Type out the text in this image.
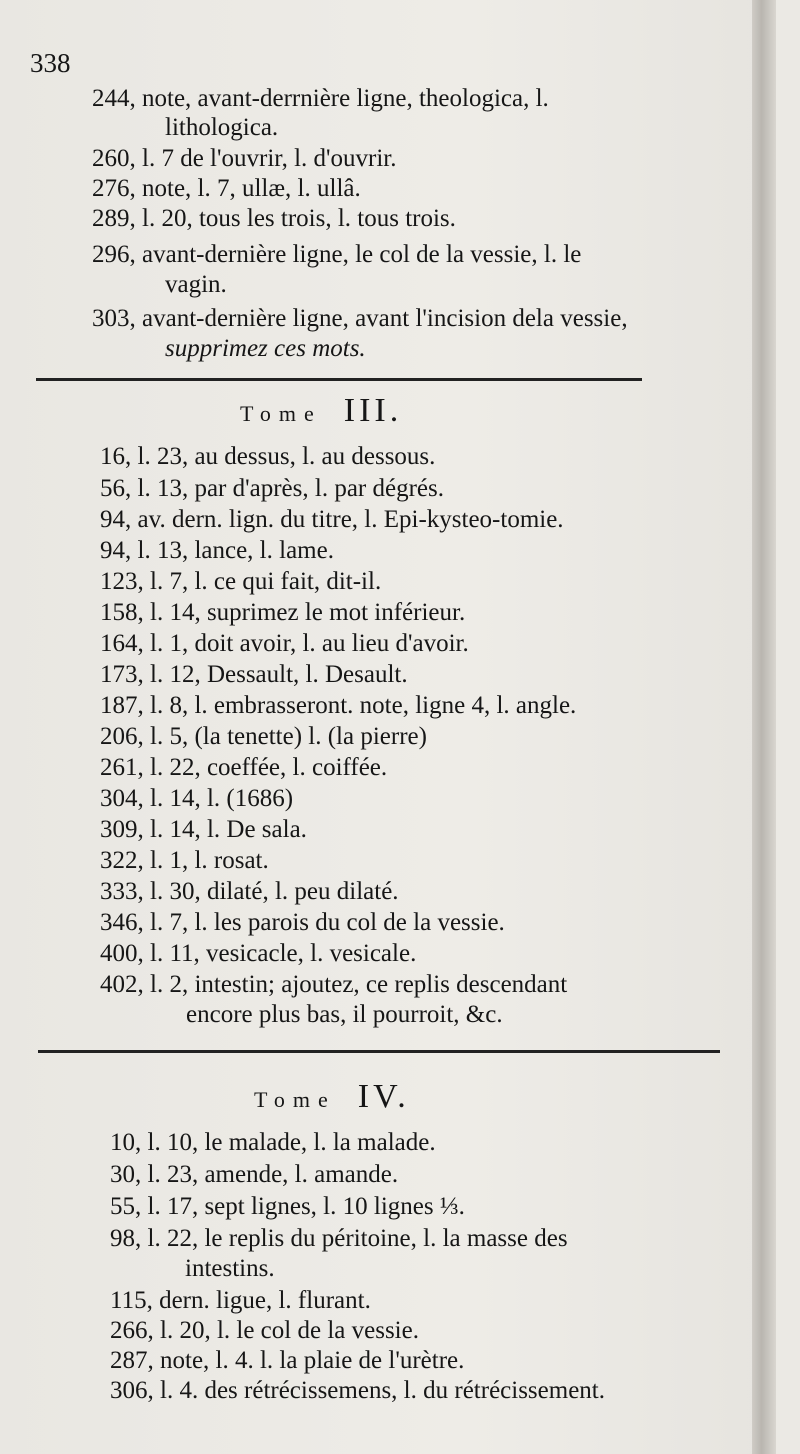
338
244, note, avant-derrnière ligne, theologica, l.
lithologica.
260, l. 7 de l'ouvrir, l. d'ouvrir.
276, note, l. 7, ullæ, l. ullâ.
289, l. 20, tous les trois, l. tous trois.
296, avant-dernière ligne, le col de la vessie, l. le
vagin.
303, avant-dernière ligne, avant l'incision dela vessie,
supprimez ces mots.
Tome III.
16, l. 23, au dessus, l. au dessous.
56, l. 13, par d'après, l. par dégrés.
94, av. dern. lign. du titre, l. Epi-kysteo-tomie.
94, l. 13, lance, l. lame.
123, l. 7, l. ce qui fait, dit-il.
158, l. 14, suprimez le mot inférieur.
164, l. 1, doit avoir, l. au lieu d'avoir.
173, l. 12, Dessault, l. Desault.
187, l. 8, l. embrasseront. note, ligne 4, l. angle.
206, l. 5, (la tenette) l. (la pierre)
261, l. 22, coeffée, l. coiffée.
304, l. 14, l. (1686)
309, l. 14, l. De sala.
322, l. 1, l. rosat.
333, l. 30, dilaté, l. peu dilaté.
346, l. 7, l. les parois du col de la vessie.
400, l. 11, vesicacle, l. vesicale.
402, l. 2, intestin; ajoutez, ce replis descendant
encore plus bas, il pourroit, &c.
Tome IV.
10, l. 10, le malade, l. la malade.
30, l. 23, amende, l. amande.
55, l. 17, sept lignes, l. 10 lignes ⅓.
98, l. 22, le replis du péritoine, l. la masse des
intestins.
115, dern. ligue, l. flurant.
266, l. 20, l. le col de la vessie.
287, note, l. 4. l. la plaie de l'urètre.
306, l. 4. des rétrécissemens, l. du rétrécissement.
